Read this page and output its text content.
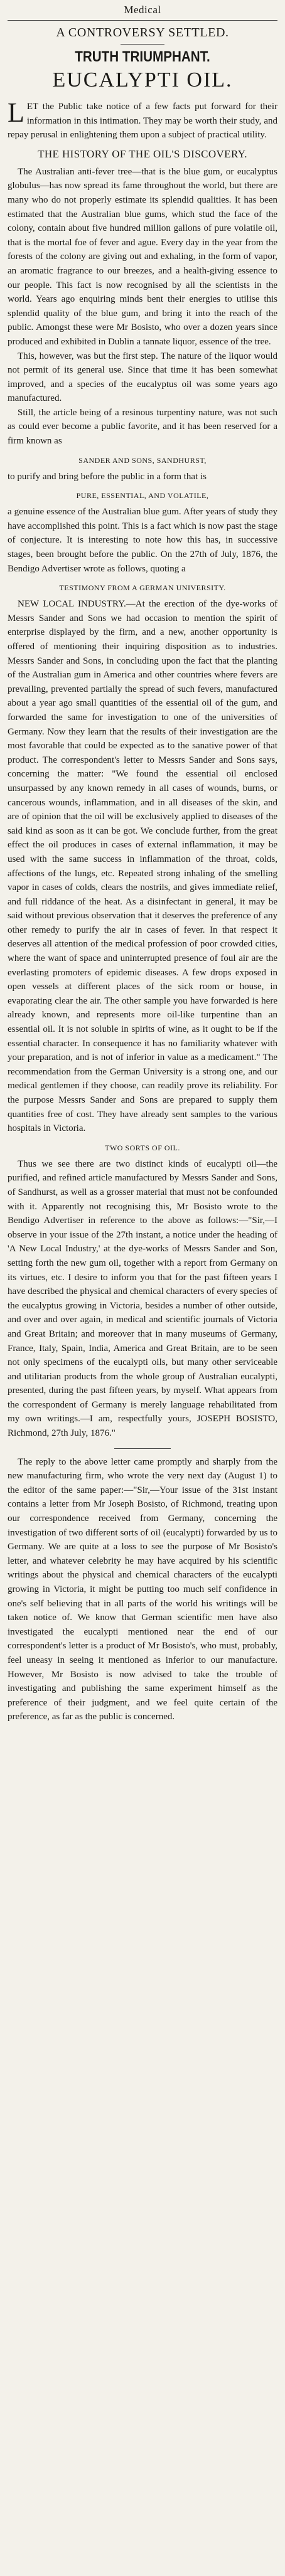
Medical
A CONTROVERSY SETTLED.
TRUTH TRIUMPHANT.
EUCALYPTI OIL.

L ET the Public take notice of a few facts put forward for their information in this intimation. They may be worth their study, and repay perusal in enlightening them upon a subject of practical utility.

THE HISTORY OF THE OIL'S DISCOVERY.

The Australian anti-fever tree—that is the blue gum, or eucalyptus globulus—has now spread its fame throughout the world, but there are many who do not properly estimate its splendid qualities. It has been estimated that the Australian blue gums, which stud the face of the colony, contain about five hundred million gallons of pure volatile oil, that is the mortal foe of fever and ague. Every day in the year from the forests of the colony are giving out and exhaling, in the form of vapor, an aromatic fragrance to our breezes, and a health-giving essence to our people. This fact is now recognised by all the scientists in the world. Years ago enquiring minds bent their energies to utilise this splendid quality of the blue gum, and bring it into the reach of the public. Amongst these were Mr Bosisto, who over a dozen years since produced and exhibited in Dublin a tannate liquor, essence of the tree.

This, however, was but the first step. The nature of the liquor would not permit of its general use. Since that time it has been somewhat improved, and a species of the eucalyptus oil was some years ago manufactured.

Still, the article being of a resinous turpentiny nature, was not such as could ever become a public favorite, and it has been reserved for a firm known as

SANDER AND SONS, SANDHURST,

to purify and bring before the public in a form that is

PURE, ESSENTIAL, AND VOLATILE,

a genuine essence of the Australian blue gum. After years of study they have accomplished this point. This is a fact which is now past the stage of conjecture. It is interesting to note how this has, in successive stages, been brought before the public. On the 27th of July, 1876, the Bendigo Advertiser wrote as follows, quoting a

TESTIMONY FROM A GERMAN UNIVERSITY.

NEW LOCAL INDUSTRY.—At the erection of the dye-works of Messrs Sander and Sons we had occasion to mention the spirit of enterprise displayed by the firm, and a new, another opportunity is offered of mentioning their inquiring disposition as to industries. Messrs Sander and Sons, in concluding upon the fact that the planting of the Australian gum in America and other countries where fevers are prevailing, prevented partially the spread of such fevers, manufactured about a year ago small quantities of the essential oil of the gum, and forwarded the same for investigation to one of the universities of Germany. Now they learn that the results of their investigation are the most favorable that could be expected as to the sanative power of that product. The correspondent's letter to Messrs Sander and Sons says, concerning the matter: "We found the essential oil enclosed unsurpassed by any known remedy in all cases of wounds, burns, or cancerous wounds, inflammation, and in all diseases of the skin, and are of opinion that the oil will be exclusively applied to diseases of the said kind as soon as it can be got. We conclude further, from the great effect the oil produces in cases of external inflammation, it may be used with the same success in inflammation of the throat, colds, affections of the lungs, etc. Repeated strong inhaling of the smelling vapor in cases of colds, clears the nostrils, and gives immediate relief, and full riddance of the heat. As a disinfectant in general, it may be said without previous observation that it deserves the preference of any other remedy to purify the air in cases of fever. In that respect it deserves all attention of the medical profession of poor crowded cities, where the want of space and uninterrupted presence of foul air are the everlasting promoters of epidemic diseases. A few drops exposed in open vessels at different places of the sick room or house, in evaporating clear the air. The other sample you have forwarded is here already known, and represents more oil-like turpentine than an essential oil. It is not soluble in spirits of wine, as it ought to be if the essential character. In consequence it has no familiarity whatever with your preparation, and is not of inferior in value as a medicament." The recommendation from the German University is a strong one, and our medical gentlemen if they choose, can readily prove its reliability. For the purpose Messrs Sander and Sons are prepared to supply them quantities free of cost. They have already sent samples to the various hospitals in Victoria.

TWO SORTS OF OIL.

Thus we see there are two distinct kinds of eucalypti oil—the purified, and refined article manufactured by Messrs Sander and Sons, of Sandhurst, as well as a grosser material that must not be confounded with it. Apparently not recognising this, Mr Bosisto wrote to the Bendigo Advertiser in reference to the above as follows:—"Sir,—I observe in your issue of the 27th instant, a notice under the heading of 'A New Local Industry,' at the dye-works of Messrs Sander and Son, setting forth the new gum oil, together with a report from Germany on its virtues, etc. I desire to inform you that for the past fifteen years I have described the physical and chemical characters of every species of the eucalyptus growing in Victoria, besides a number of other outside, and over and over again, in medical and scientific journals of Victoria and Great Britain; and moreover that in many museums of Germany, France, Italy, Spain, India, America and Great Britain, are to be seen not only specimens of the eucalypti oils, but many other serviceable and utilitarian products from the whole group of Australian eucalypti, presented, during the past fifteen years, by myself. What appears from the correspondent of Germany is merely language rehabilitated from my own writings.—I am, respectfully yours, JOSEPH BOSISTO, Richmond, 27th July, 1876."

The reply to the above letter came promptly and sharply from the new manufacturing firm, who wrote the very next day (August 1) to the editor of the same paper:—"Sir,—Your issue of the 31st instant contains a letter from Mr Joseph Bosisto, of Richmond, treating upon our correspondence received from Germany, concerning the investigation of two different sorts of oil (eucalypti) forwarded by us to Germany. We are quite at a loss to see the purpose of Mr Bosisto's letter, and whatever celebrity he may have acquired by his scientific writings about the physical and chemical characters of the eucalypti growing in Victoria, it might be putting too much self confidence in one's self believing that in all parts of the world his writings will be taken notice of. We know that German scientific men have also investigated the eucalypti mentioned near the end of our correspondent's letter is a product of Mr Bosisto's, who must, probably, feel uneasy in seeing it mentioned as inferior to our manufacture. However, Mr Bosisto is now advised to take the trouble of investigating and publishing the same experiment himself as the preference of their judgment, and we feel quite certain of the preference, as far as the public is concerned.
